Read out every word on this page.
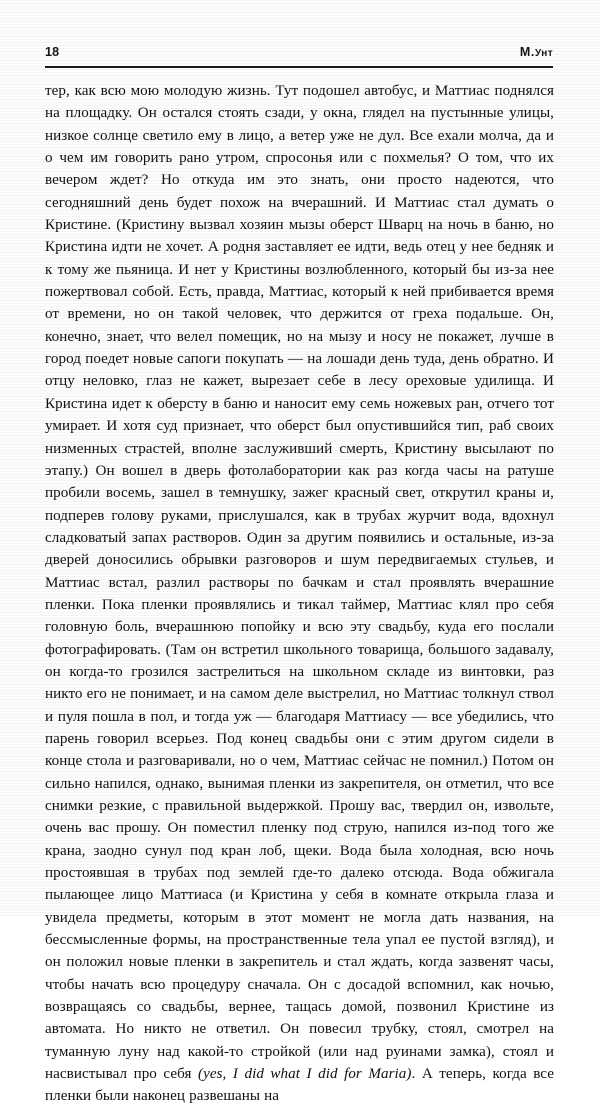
18	М.Унт

тер, как всю мою молодую жизнь. Тут подошел автобус, и Маттиас поднялся на площадку. Он остался стоять сзади, у окна, глядел на пустынные улицы, низкое солнце светило ему в лицо, а ветер уже не дул. Все ехали молча, да и о чем им говорить рано утром, спросонья или с похмелья? О том, что их вечером ждет? Но откуда им это знать, они просто надеются, что сегодняшний день будет похож на вчерашний. И Маттиас стал думать о Кристине. (Кристину вызвал хозяин мызы оберст Шварц на ночь в баню, но Кристина идти не хочет. А родня заставляет ее идти, ведь отец у нее бедняк и к тому же пьяница. И нет у Кристины возлюбленного, который бы из-за нее пожертвовал собой. Есть, правда, Маттиас, который к ней прибивается время от времени, но он такой человек, что держится от греха подальше. Он, конечно, знает, что велел помещик, но на мызу и носу не покажет, лучше в город поедет новые сапоги покупать — на лошади день туда, день обратно. И отцу неловко, глаз не кажет, вырезает себе в лесу ореховые удилища. И Кристина идет к оберсту в баню и наносит ему семь ножевых ран, отчего тот умирает. И хотя суд признает, что оберст был опустившийся тип, раб своих низменных страстей, вполне заслуживший смерть, Кристину высылают по этапу.) Он вошел в дверь фотолаборатории как раз когда часы на ратуше пробили восемь, зашел в темнушку, зажег красный свет, открутил краны и, подперев голову руками, прислушался, как в трубах журчит вода, вдохнул сладковатый запах растворов. Один за другим появились и остальные, из-за дверей доносились обрывки разговоров и шум передвигаемых стульев, и Маттиас встал, разлил растворы по бачкам и стал проявлять вчерашние пленки. Пока пленки проявлялись и тикал таймер, Маттиас клял про себя головную боль, вчерашнюю попойку и всю эту свадьбу, куда его послали фотографировать. (Там он встретил школьного товарища, большого задавалу, он когда-то грозился застрелиться на школьном складе из винтовки, раз никто его не понимает, и на самом деле выстрелил, но Маттиас толкнул ствол и пуля пошла в пол, и тогда уж — благодаря Маттиасу — все убедились, что парень говорил всерьез. Под конец свадьбы они с этим другом сидели в конце стола и разговаривали, но о чем, Маттиас сейчас не помнил.) Потом он сильно напился, однако, вынимая пленки из закрепителя, он отметил, что все снимки резкие, с правильной выдержкой. Прошу вас, твердил он, извольте, очень вас прошу. Он поместил пленку под струю, напился из-под того же крана, заодно сунул под кран лоб, щеки. Вода была холодная, всю ночь простоявшая в трубах под землей где-то далеко отсюда. Вода обжигала пылающее лицо Маттиаса (и Кристина у себя в комнате открыла глаза и увидела предметы, которым в этот момент не могла дать названия, на бессмысленные формы, на пространственные тела упал ее пустой взгляд), и он положил новые пленки в закрепитель и стал ждать, когда зазвенят часы, чтобы начать всю процедуру сначала. Он с досадой вспомнил, как ночью, возвращаясь со свадьбы, вернее, тащась домой, позвонил Кристине из автомата. Но никто не ответил. Он повесил трубку, стоял, смотрел на туманную луну над какой-то стройкой (или над руинами замка), стоял и насвистывал про себя (yes, I did what I did for Maria). А теперь, когда все пленки были наконец развешаны на
